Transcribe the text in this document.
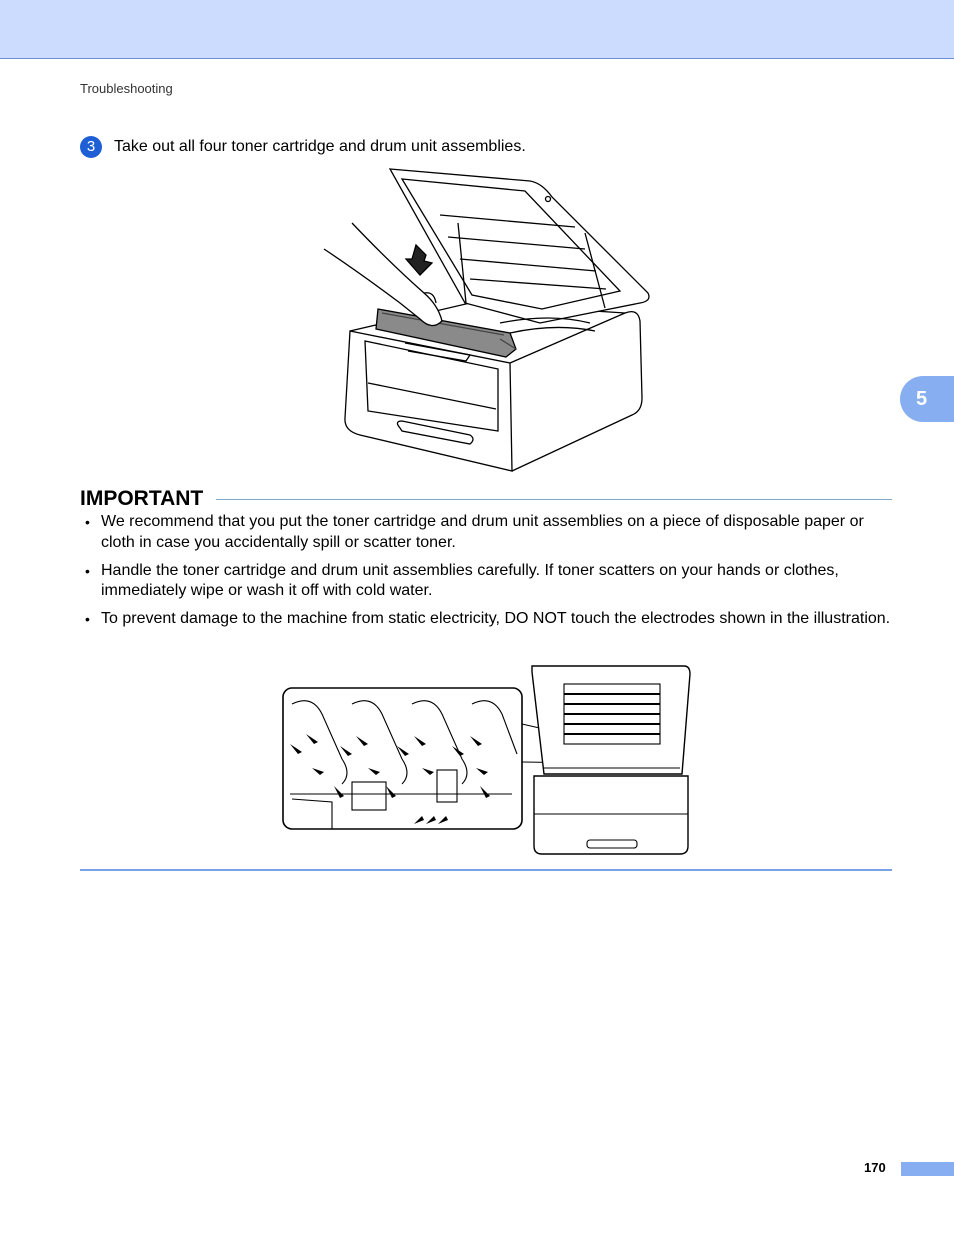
Troubleshooting
3	Take out all four toner cartridge and drum unit assemblies.
IMPORTANT
• We recommend that you put the toner cartridge and drum unit assemblies on a piece of disposable paper or cloth in case you accidentally spill or scatter toner.
• Handle the toner cartridge and drum unit assemblies carefully. If toner scatters on your hands or clothes, immediately wipe or wash it off with cold water.
• To prevent damage to the machine from static electricity, DO NOT touch the electrodes shown in the illustration.
5
170
